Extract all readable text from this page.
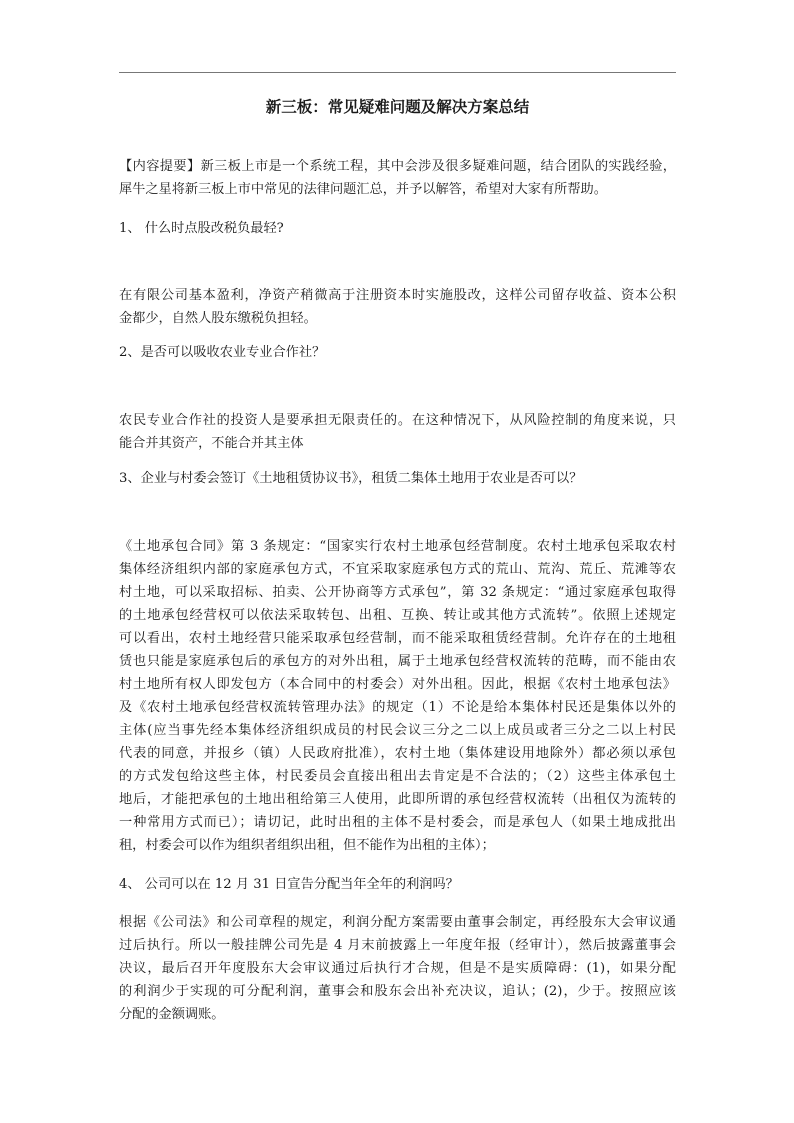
新三板：常见疑难问题及解决方案总结
【内容提要】新三板上市是一个系统工程，其中会涉及很多疑难问题，结合团队的实践经验，
犀牛之星将新三板上市中常见的法律问题汇总，并予以解答，希望对大家有所帮助。
1、 什么时点股改税负最轻?
在有限公司基本盈利，净资产稍微高于注册资本时实施股改，这样公司留存收益、资本公积
金都少，自然人股东缴税负担轻。
2、是否可以吸收农业专业合作社？
农民专业合作社的投资人是要承担无限责任的。在这种情况下，从风险控制的角度来说，只
能合并其资产，不能合并其主体
3、企业与村委会签订《土地租赁协议书》，租赁二集体土地用于农业是否可以？
《土地承包合同》第 3 条规定：“国家实行农村土地承包经营制度。农村土地承包采取农村
集体经济组织内部的家庭承包方式，不宜采取家庭承包方式的荒山、荒沟、荒丘、荒滩等农
村土地，可以采取招标、拍卖、公开协商等方式承包”，第 32 条规定：“通过家庭承包取得
的土地承包经营权可以依法采取转包、出租、互换、转让或其他方式流转”。依照上述规定
可以看出，农村土地经营只能采取承包经营制，而不能采取租赁经营制。允许存在的土地租
赁也只能是家庭承包后的承包方的对外出租，属于土地承包经营权流转的范畴，而不能由农
村土地所有权人即发包方（本合同中的村委会）对外出租。因此，根据《农村土地承包法》
及《农村土地承包经营权流转管理办法》的规定（1）不论是给本集体村民还是集体以外的
主体(应当事先经本集体经济组织成员的村民会议三分之二以上成员或者三分之二以上村民
代表的同意，并报乡（镇）人民政府批准），农村土地（集体建设用地除外）都必须以承包
的方式发包给这些主体，村民委员会直接出租出去肯定是不合法的；（2）这些主体承包土
地后，才能把承包的土地出租给第三人使用，此即所谓的承包经营权流转（出租仅为流转的
一种常用方式而已）；请切记，此时出租的主体不是村委会，而是承包人（如果土地成批出
租，村委会可以作为组织者组织出租，但不能作为出租的主体）；
4、 公司可以在 12 月 31 日宣告分配当年全年的利润吗？
根据《公司法》和公司章程的规定，利润分配方案需要由董事会制定，再经股东大会审议通
过后执行。所以一般挂牌公司先是 4 月末前披露上一年度年报（经审计），然后披露董事会
决议，最后召开年度股东大会审议通过后执行才合规，但是不是实质障碍：(1)，如果分配
的利润少于实现的可分配利润，董事会和股东会出补充决议，追认；(2)，少于。按照应该
分配的金额调账。
